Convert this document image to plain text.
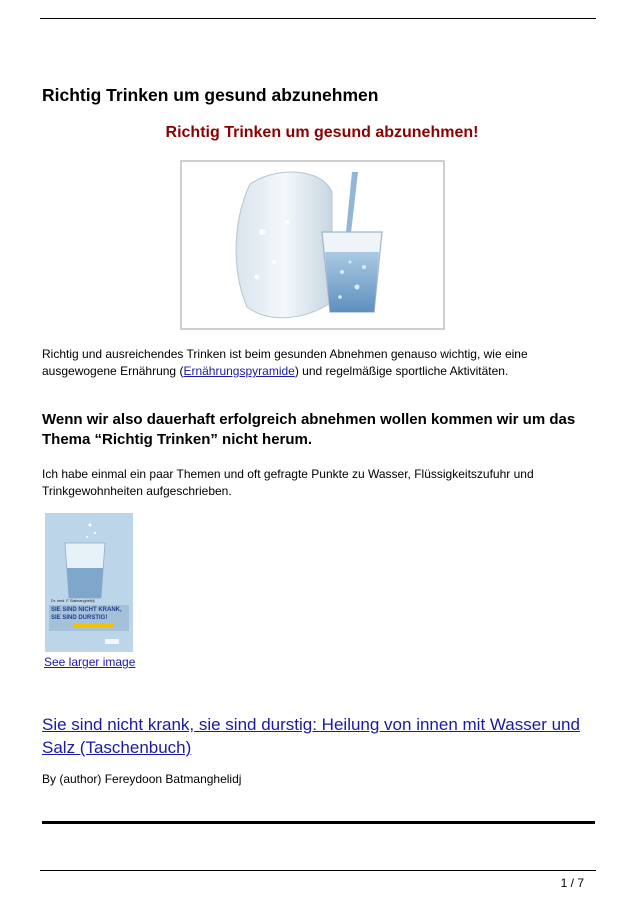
Richtig Trinken um gesund abzunehmen
Richtig Trinken um gesund abzunehmen!

Richtig und ausreichendes Trinken ist beim gesunden Abnehmen genauso wichtig, wie eine ausgewogene Ernährung (Ernährungspyramide) und regelmäßige sportliche Aktivitäten.

Wenn wir also dauerhaft erfolgreich abnehmen wollen kommen wir um das Thema “Richtig Trinken” nicht herum.

Ich habe einmal ein paar Themen und oft gefragte Punkte zu Wasser, Flüssigkeitszufuhr und Trinkgewohnheiten aufgeschrieben.

Dr. med. F. Batmanghelidj
SIE SIND NICHT KRANK,
SIE SIND DURSTIG!
See larger image

Sie sind nicht krank, sie sind durstig: Heilung von innen mit Wasser und Salz (Taschenbuch)

By (author) Fereydoon Batmanghelidj

1 / 7
